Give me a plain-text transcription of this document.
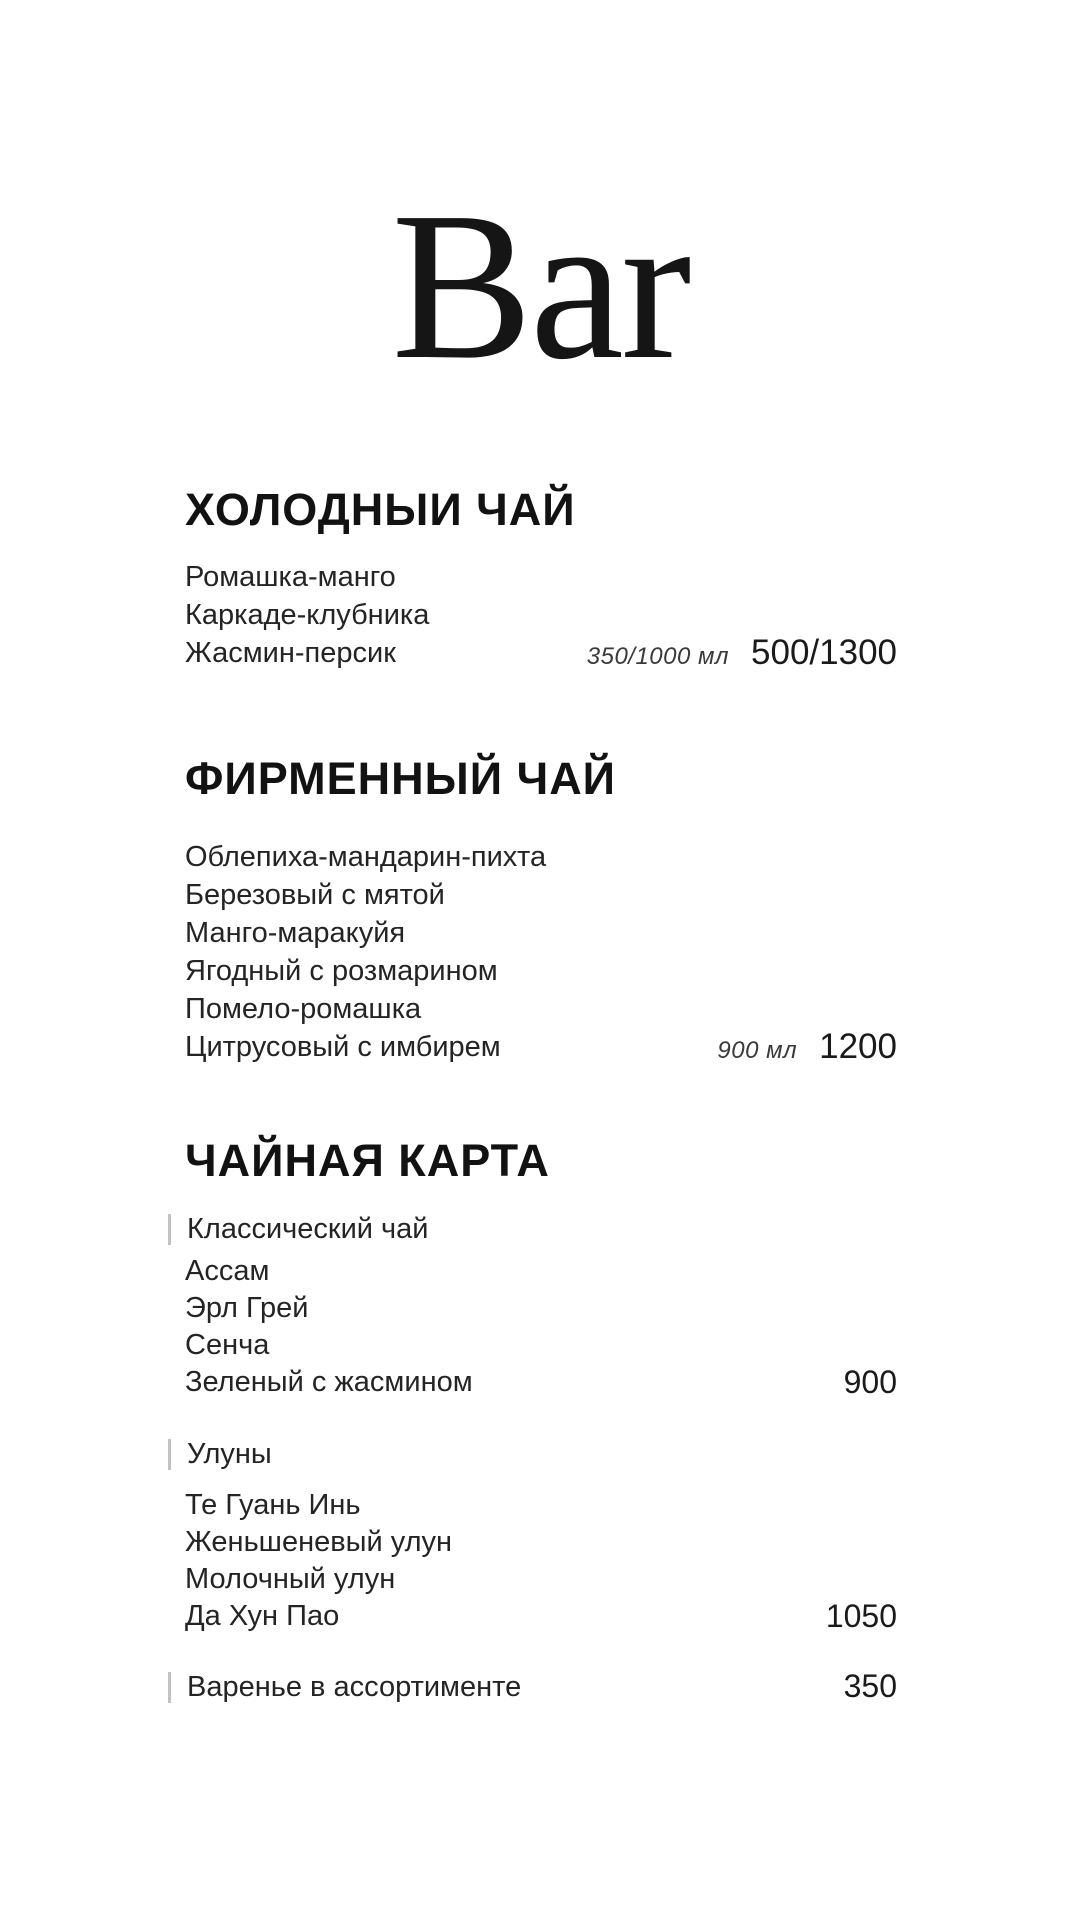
Bar
ХОЛОДНЫИ ЧАЙ
Ромашка-манго
Каркаде-клубника
Жасмин-персик	350/1000 мл 500/1300
ФИРМЕННЫЙ ЧАЙ
Облепиха-мандарин-пихта
Березовый с мятой
Манго-маракуйя
Ягодный с розмарином
Помело-ромашка
Цитрусовый с имбирем	900 мл 1200
ЧАЙНАЯ КАРТА
Классический чай
Ассам
Эрл Грей
Сенча
Зеленый с жасмином	900
Улуны
Те Гуань Инь
Женьшеневый улун
Молочный улун
Да Хун Пао	1050
Варенье в ассортименте	350
